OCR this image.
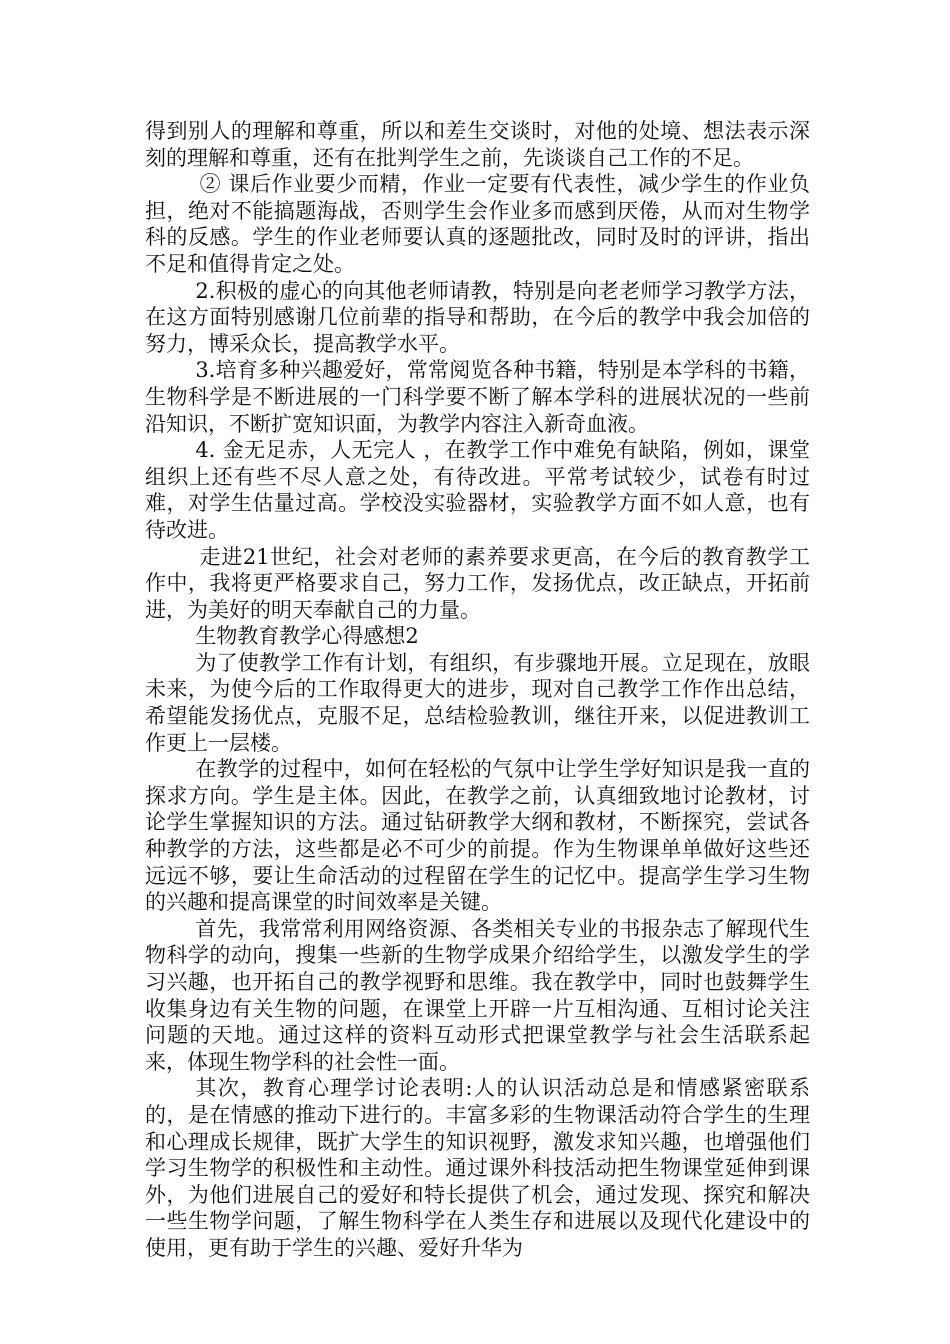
得到别人的理解和尊重，所以和差生交谈时，对他的处境、想法表示深刻的理解和尊重，还有在批判学生之前，先谈谈自己工作的不足。

② 课后作业要少而精，作业一定要有代表性，减少学生的作业负担，绝对不能搞题海战，否则学生会作业多而感到厌倦，从而对生物学科的反感。学生的作业老师要认真的逐题批改，同时及时的评讲，指出不足和值得肯定之处。

2.积极的虚心的向其他老师请教，特别是向老老师学习教学方法，在这方面特别感谢几位前辈的指导和帮助，在今后的教学中我会加倍的努力，博采众长，提高教学水平。

3.培育多种兴趣爱好，常常阅览各种书籍，特别是本学科的书籍，生物科学是不断进展的一门科学要不断了解本学科的进展状况的一些前沿知识，不断扩宽知识面，为教学内容注入新奇血液。

4. 金无足赤，人无完人 ，在教学工作中难免有缺陷，例如，课堂组织上还有些不尽人意之处，有待改进。平常考试较少，试卷有时过难，对学生估量过高。学校没实验器材，实验教学方面不如人意，也有待改进。

走进21世纪，社会对老师的素养要求更高，在今后的教育教学工作中，我将更严格要求自己，努力工作，发扬优点，改正缺点，开拓前进，为美好的明天奉献自己的力量。

生物教育教学心得感想2

为了使教学工作有计划，有组织，有步骤地开展。立足现在，放眼未来，为使今后的工作取得更大的进步，现对自己教学工作作出总结，希望能发扬优点，克服不足，总结检验教训，继往开来，以促进教训工作更上一层楼。

在教学的过程中，如何在轻松的气氛中让学生学好知识是我一直的探求方向。学生是主体。因此，在教学之前，认真细致地讨论教材，讨论学生掌握知识的方法。通过钻研教学大纲和教材，不断探究，尝试各种教学的方法，这些都是必不可少的前提。作为生物课单单做好这些还远远不够，要让生命活动的过程留在学生的记忆中。提高学生学习生物的兴趣和提高课堂的时间效率是关键。

首先，我常常利用网络资源、各类相关专业的书报杂志了解现代生物科学的动向，搜集一些新的生物学成果介绍给学生，以激发学生的学习兴趣，也开拓自己的教学视野和思维。我在教学中，同时也鼓舞学生收集身边有关生物的问题，在课堂上开辟一片互相沟通、互相讨论关注问题的天地。通过这样的资料互动形式把课堂教学与社会生活联系起来，体现生物学科的社会性一面。

其次，教育心理学讨论表明:人的认识活动总是和情感紧密联系的，是在情感的推动下进行的。丰富多彩的生物课活动符合学生的生理和心理成长规律，既扩大学生的知识视野，激发求知兴趣，也增强他们学习生物学的积极性和主动性。通过课外科技活动把生物课堂延伸到课外，为他们进展自己的爱好和特长提供了机会，通过发现、探究和解决一些生物学问题，了解生物科学在人类生存和进展以及现代化建设中的使用，更有助于学生的兴趣、爱好升华为
